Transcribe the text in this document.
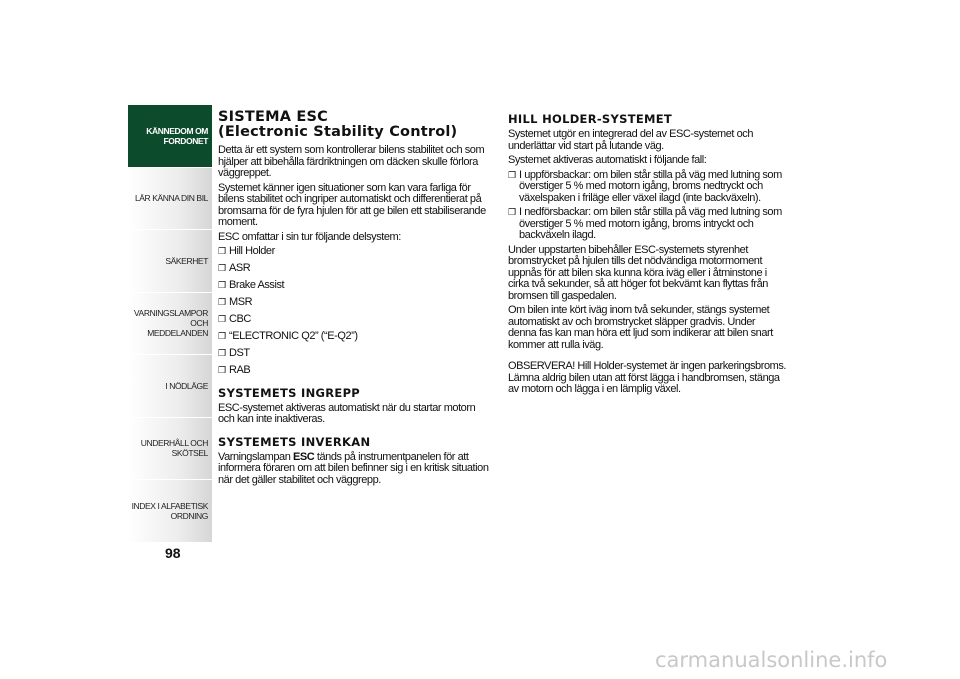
KÄNNEDOM OM
FORDONET
LÄR KÄNNA DIN BIL
SÄKERHET
VARNINGSLAMPOR
OCH MEDDELANDEN
I NÖDLÄGE
UNDERHÅLL OCH
SKÖTSEL
INDEX I ALFABETISK
ORDNING
98
SISTEMA ESC
(Electronic Stability Control)

Detta är ett system som kontrollerar bilens stabilitet och som hjälper att bibehålla färdriktningen om däcken skulle förlora väggreppet.

Systemet känner igen situationer som kan vara farliga för bilens stabilitet och ingriper automatiskt och differentierat på bromsarna för de fyra hjulen för att ge bilen ett stabiliserande moment.

ESC omfattar i sin tur följande delsystem:

❒ Hill Holder
❒ ASR
❒ Brake Assist
❒ MSR
❒ CBC
❒ “ELECTRONIC Q2” (“E-Q2”)
❒ DST
❒ RAB
SYSTEMETS INGREPP

ESC-systemet aktiveras automatiskt när du startar motorn och kan inte inaktiveras.

SYSTEMETS INVERKAN

Varningslampan ESC tänds på instrumentpanelen för att informera föraren om att bilen befinner sig i en kritisk situation när det gäller stabilitet och väggrepp.

HILL HOLDER-SYSTEMET

Systemet utgör en integrerad del av ESC-systemet och underlättar vid start på lutande väg.

Systemet aktiveras automatiskt i följande fall:

❒ I uppförsbackar: om bilen står stilla på väg med lutning som överstiger 5 % med motorn igång, broms nedtryckt och växelspaken i friläge eller växel ilagd (inte backväxeln).
❒ I nedförsbackar: om bilen står stilla på väg med lutning som överstiger 5 % med motorn igång, broms intryckt och backväxeln ilagd.

Under uppstarten bibehåller ESC-systemets styrenhet bromstrycket på hjulen tills det nödvändiga motormoment uppnås för att bilen ska kunna köra iväg eller i åtminstone i cirka två sekunder, så att höger fot bekvämt kan flyttas från bromsen till gaspedalen.

Om bilen inte kört iväg inom två sekunder, stängs systemet automatiskt av och bromstrycket släpper gradvis. Under denna fas kan man höra ett ljud som indikerar att bilen snart kommer att rulla iväg.

OBSERVERA! Hill Holder-systemet är ingen parkeringsbroms. Lämna aldrig bilen utan att först lägga i handbromsen, stänga av motorn och lägga i en lämplig växel.

carmanualsonline.info
